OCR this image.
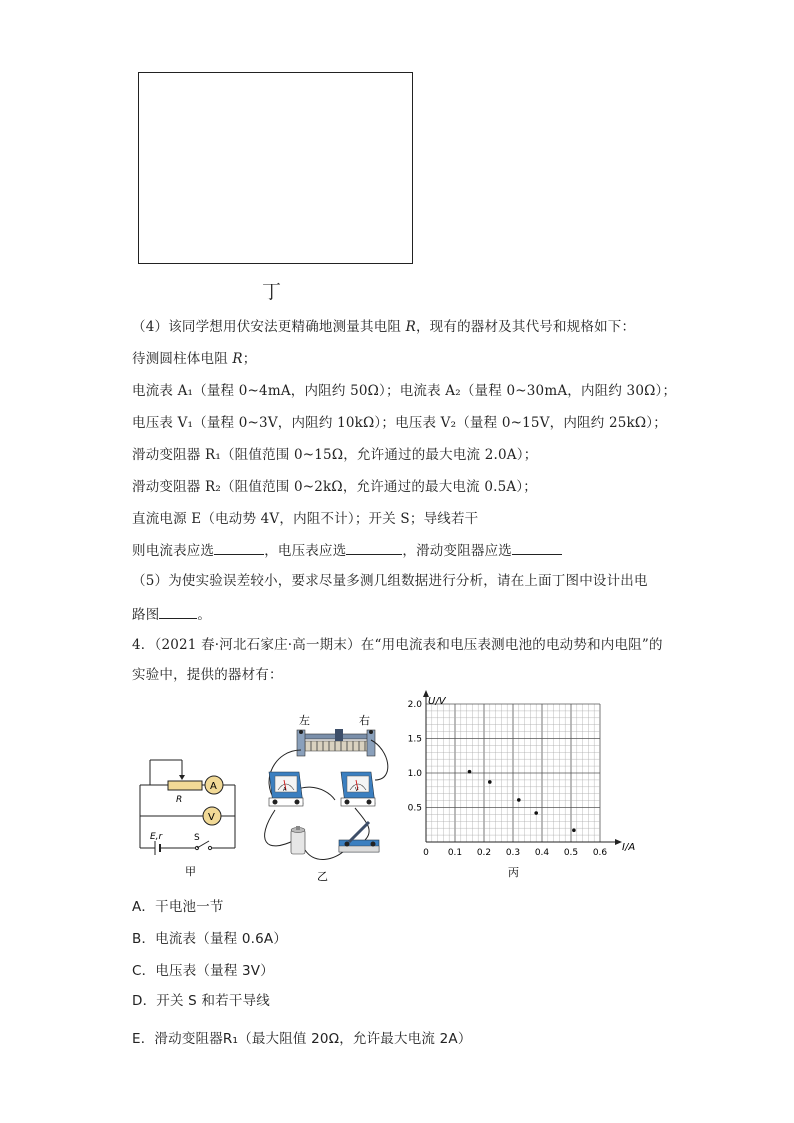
丁
（4）该同学想用伏安法更精确地测量其电阻 R，现有的器材及其代号和规格如下：
待测圆柱体电阻 R；
电流表 A₁（量程 0~4mA，内阻约 50Ω）；电流表 A₂（量程 0~30mA，内阻约 30Ω）；
电压表 V₁（量程 0~3V，内阻约 10kΩ）；电压表 V₂（量程 0~15V，内阻约 25kΩ）；
滑动变阻器 R₁（阻值范围 0~15Ω，允许通过的最大电流 2.0A）；
滑动变阻器 R₂（阻值范围 0~2kΩ，允许通过的最大电流 0.5A）；
直流电源 E（电动势 4V，内阻不计）；开关 S；导线若干
则电流表应选	，电压表应选	，滑动变阻器应选
（5）为使实验误差较小，要求尽量多测几组数据进行分析，请在上面丁图中设计出电
路图	。
4．（2021 春·河北石家庄·高一期末）在“用电流表和电压表测电池的电动势和内电阻”的
实验中，提供的器材有：
R
A
V
E,r	S
甲
左	右
A	V
乙
0 0.1 0.2 0.3 0.4 0.5 0.6
0.5
1.0
1.5
2.0 U/V
I/A
丙
A．干电池一节
B．电流表（量程 0.6A）
C．电压表（量程 3V）
D．开关 S 和若干导线
E．滑动变阻器R₁（最大阻值 20Ω，允许最大电流 2A）
